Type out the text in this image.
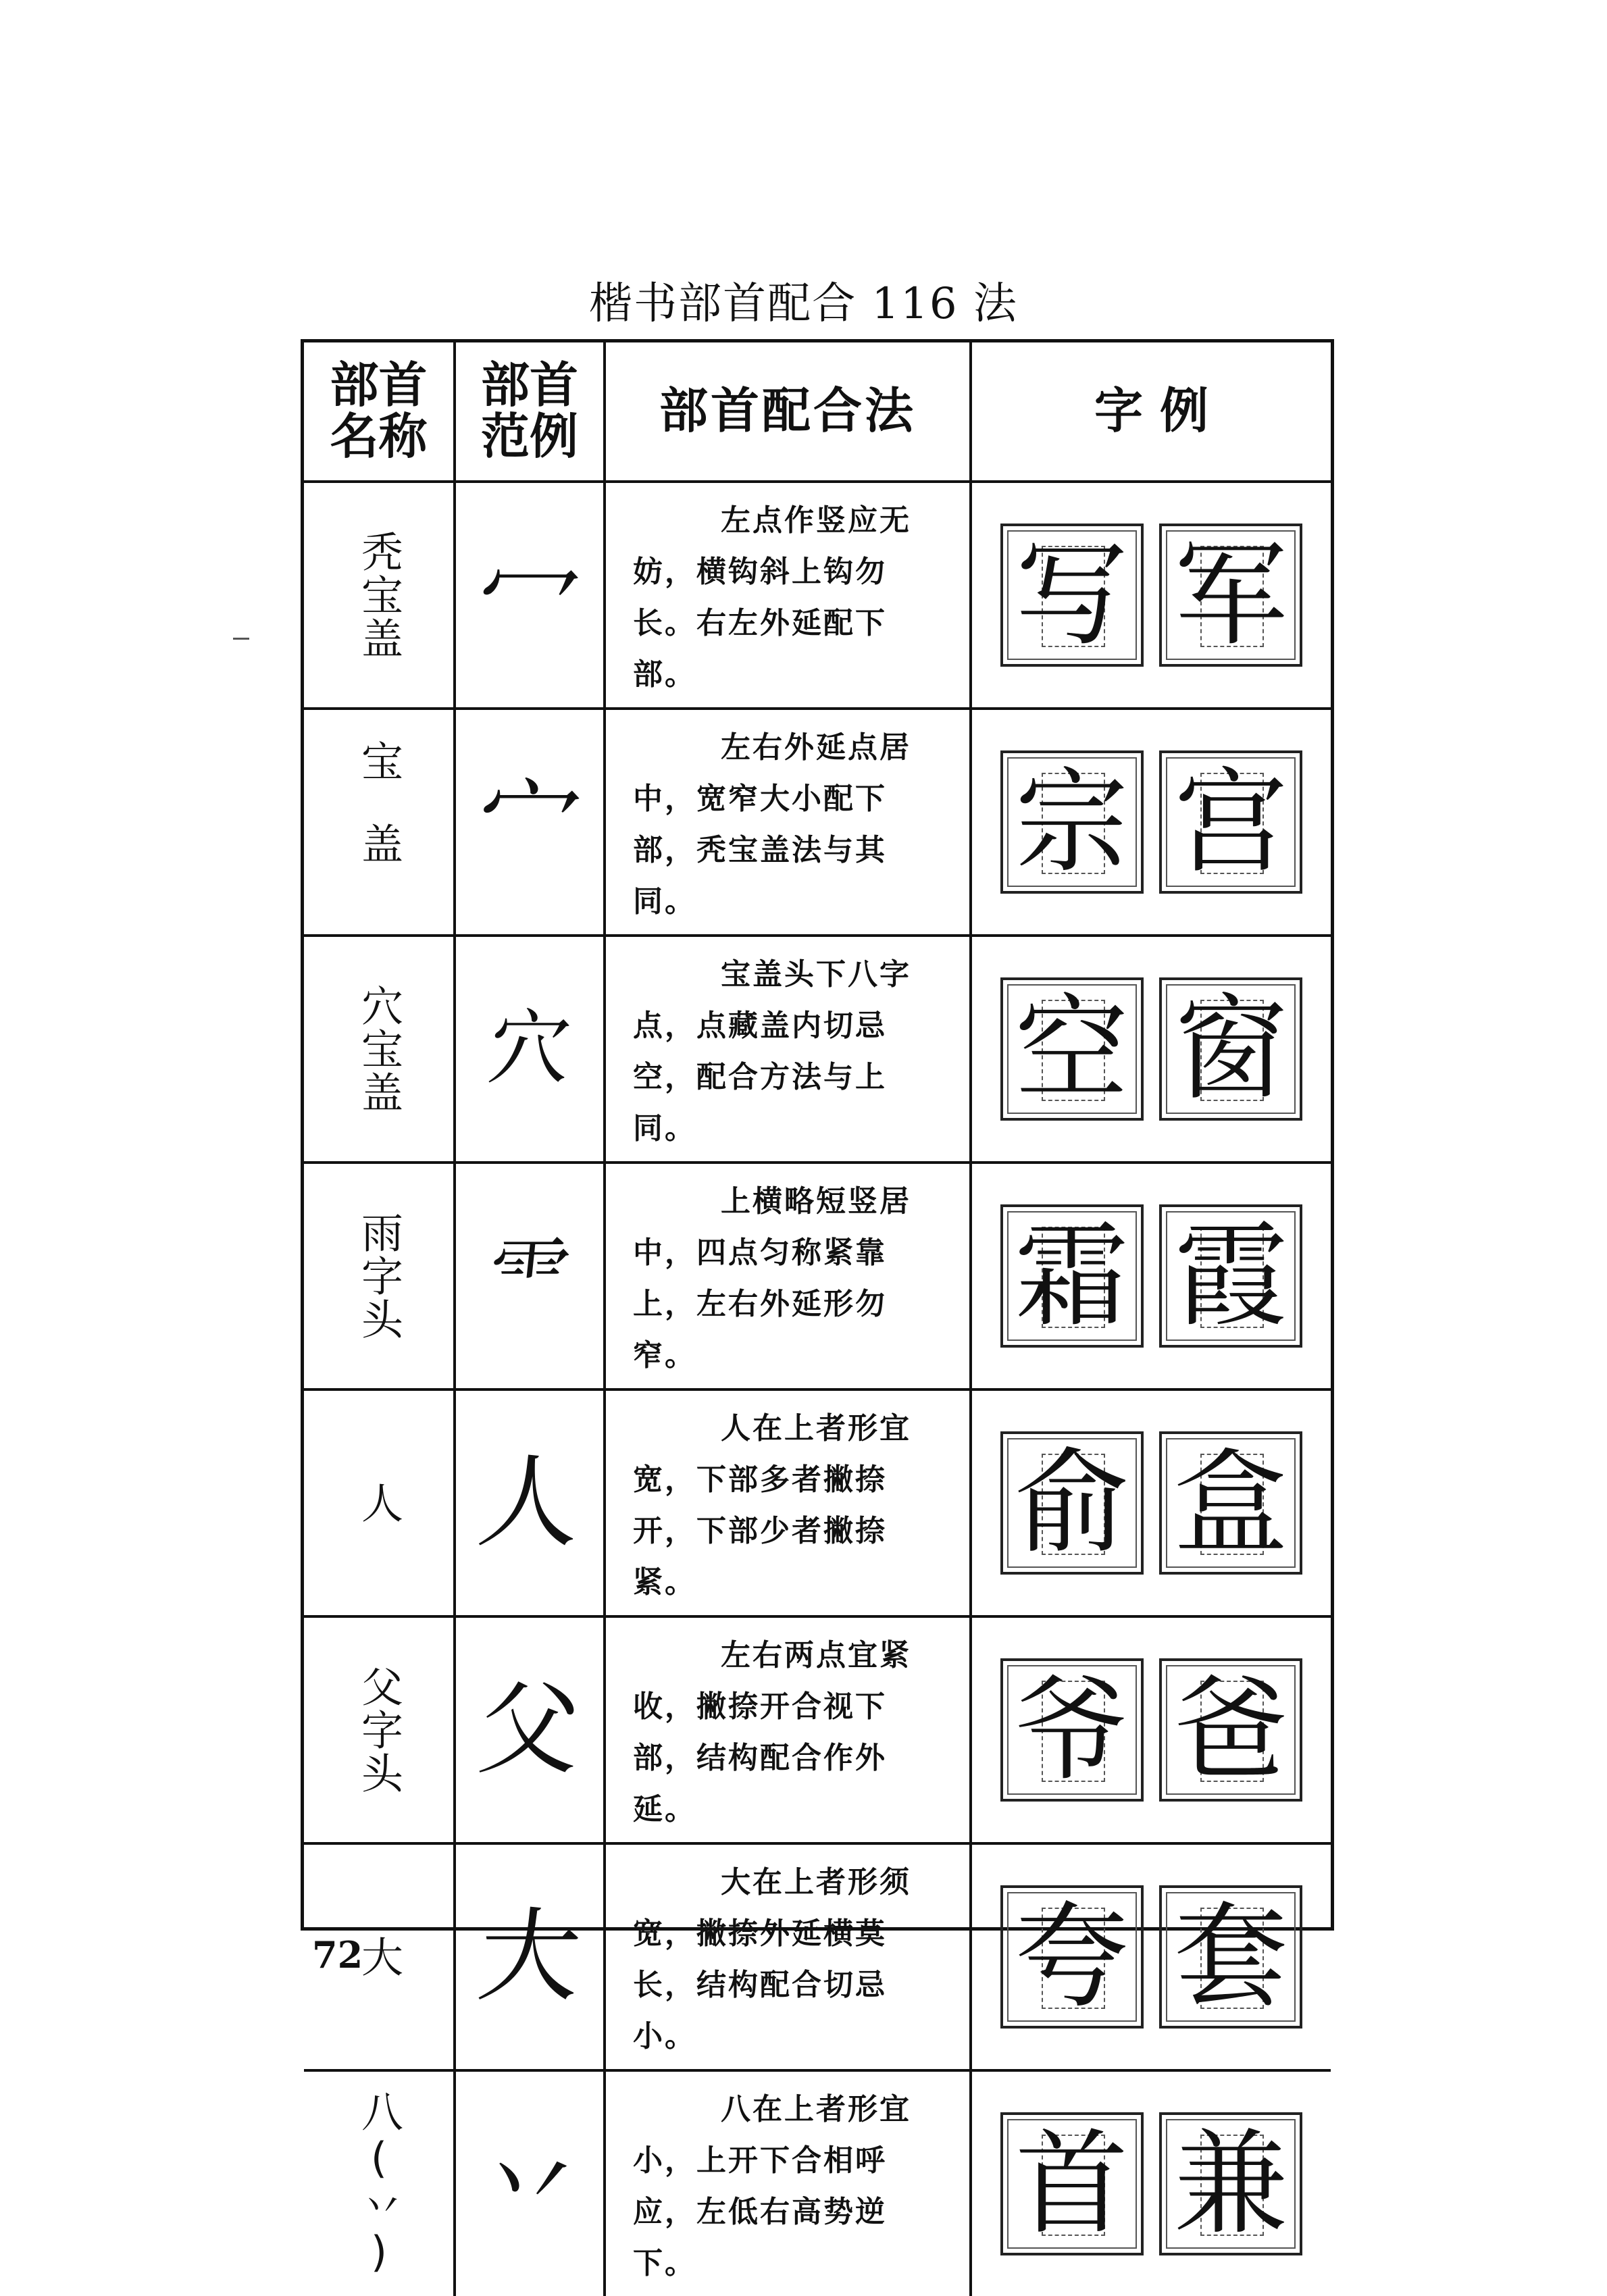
楷书部首配合 116 法
部首
名称
部首
范例	部首配合法	字 例
秃宝盖 冖
左点作竖应无妨，横钩斜上钩勿长。右左外延配下部。
写 军
宝盖 宀
左右外延点居中，宽窄大小配下部，秃宝盖法与其同。
宗 宫
穴宝盖 穴
宝盖头下八字点，点藏盖内切忌空，配合方法与上同。
空 窗
雨字头 ⻗
上横略短竖居中，四点匀称紧靠上，左右外延形勿窄。
霜 霞
人 人
人在上者形宜宽，下部多者撇捺开，下部少者撇捺紧。
俞 盒
父字头 父
左右两点宜紧收，撇捺开合视下部，结构配合作外延。
爷 爸
大 大
大在上者形须宽，撇捺外延横莫长，结构配合切忌小。
夸 套
八(丷) 丷
八在上者形宜小，上开下合相呼应，左低右高势逆下。
首 兼
72
